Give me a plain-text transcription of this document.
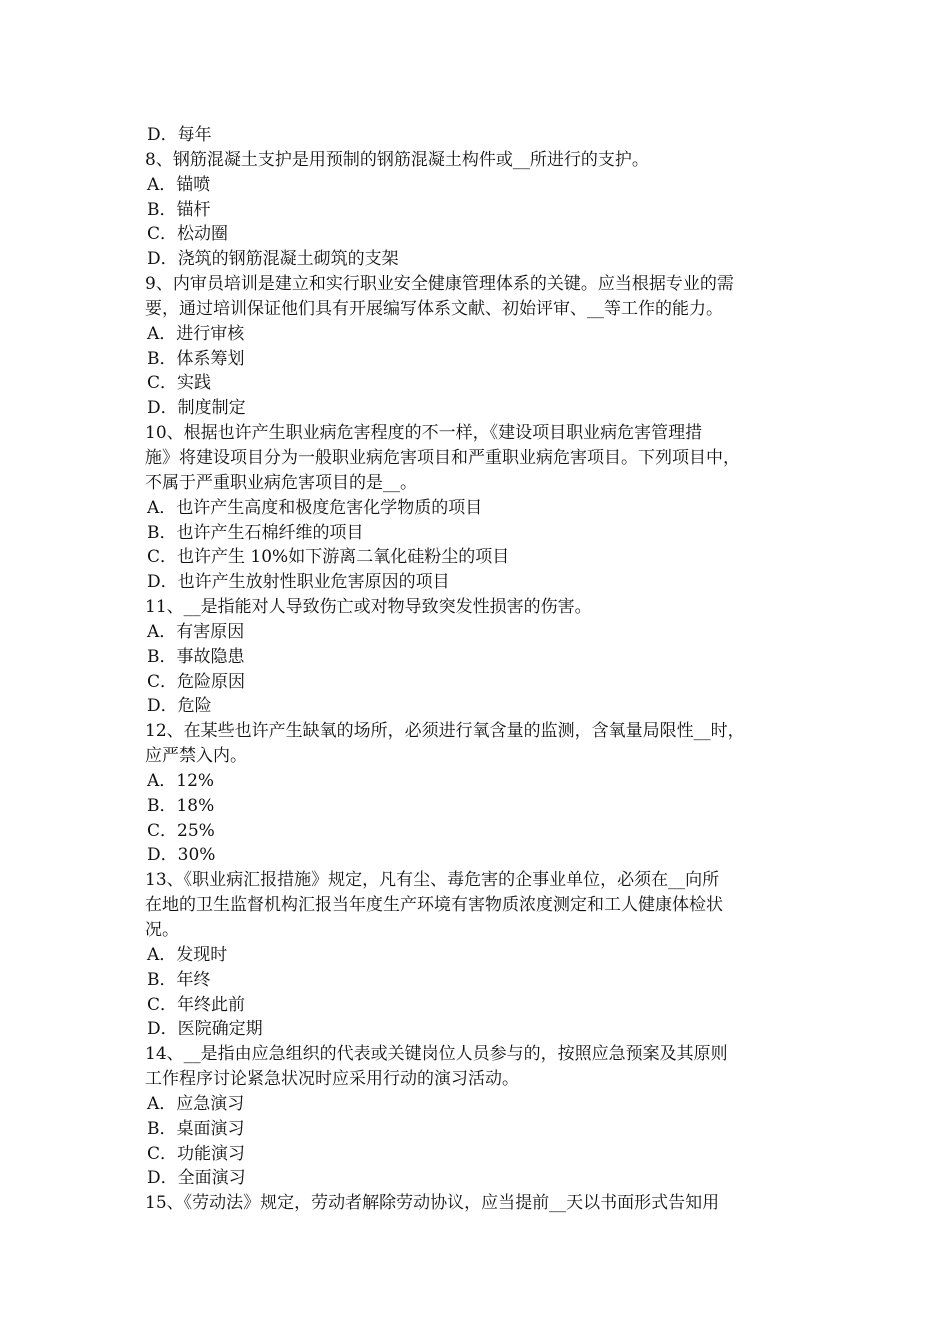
D．每年
8、钢筋混凝土支护是用预制的钢筋混凝土构件或__所进行的支护。
A．锚喷
B．锚杆
C．松动圈
D．浇筑的钢筋混凝土砌筑的支架
9、内审员培训是建立和实行职业安全健康管理体系的关键。应当根据专业的需
要，通过培训保证他们具有开展编写体系文献、初始评审、__等工作的能力。
A．进行审核
B．体系筹划
C．实践
D．制度制定
10、根据也许产生职业病危害程度的不一样，《建设项目职业病危害管理措
施》将建设项目分为一般职业病危害项目和严重职业病危害项目。下列项目中，
不属于严重职业病危害项目的是__。
A．也许产生高度和极度危害化学物质的项目
B．也许产生石棉纤维的项目
C．也许产生 10%如下游离二氧化硅粉尘的项目
D．也许产生放射性职业危害原因的项目
11、__是指能对人导致伤亡或对物导致突发性损害的伤害。
A．有害原因
B．事故隐患
C．危险原因
D．危险
12、在某些也许产生缺氧的场所，必须进行氧含量的监测，含氧量局限性__时，
应严禁入内。
A．12%
B．18%
C．25%
D．30%
13、《职业病汇报措施》规定，凡有尘、毒危害的企事业单位，必须在__向所
在地的卫生监督机构汇报当年度生产环境有害物质浓度测定和工人健康体检状
况。
A．发现时
B．年终
C．年终此前
D．医院确定期
14、__是指由应急组织的代表或关键岗位人员参与的，按照应急预案及其原则
工作程序讨论紧急状况时应采用行动的演习活动。
A．应急演习
B．桌面演习
C．功能演习
D．全面演习
15、《劳动法》规定，劳动者解除劳动协议，应当提前__天以书面形式告知用
